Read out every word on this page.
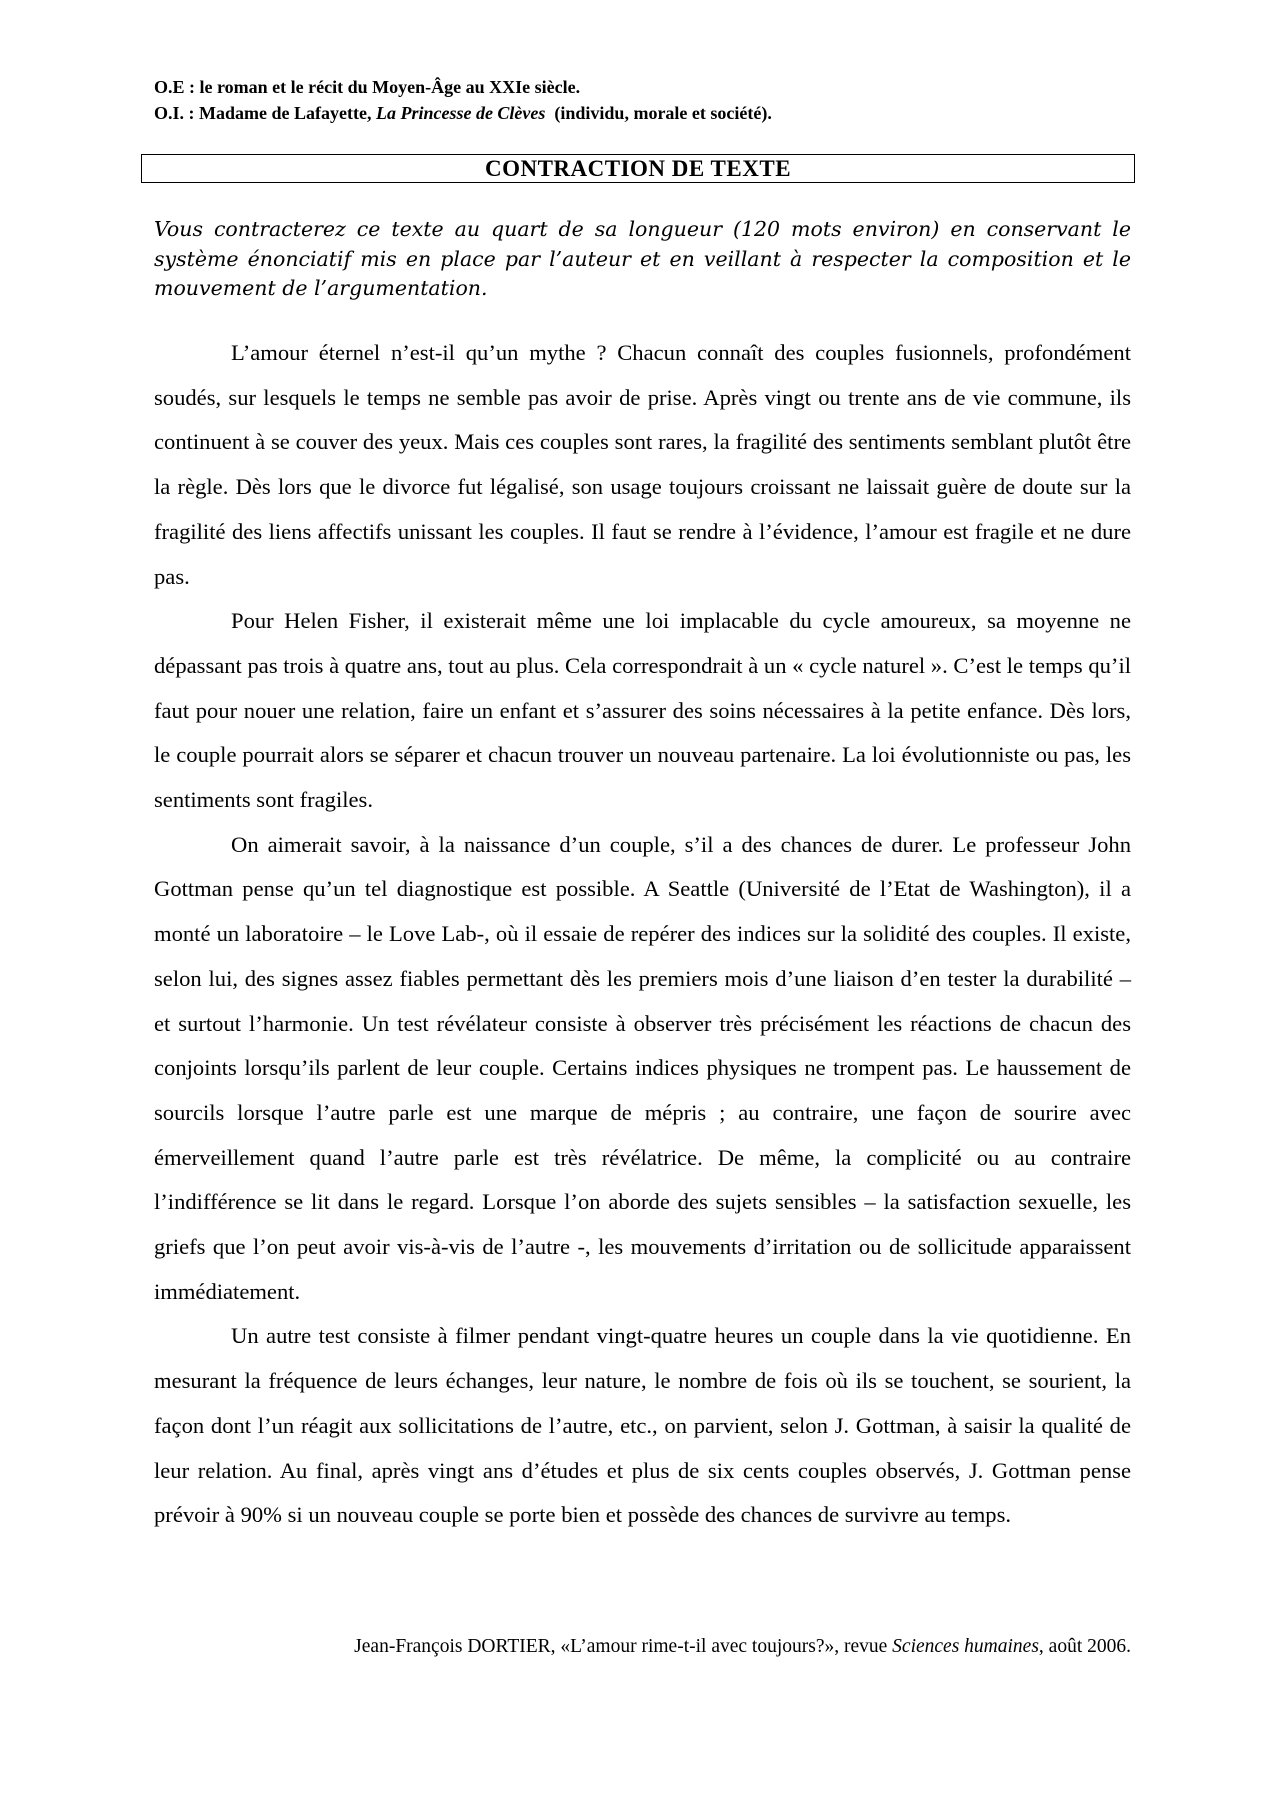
O.E : le roman et le récit du Moyen-Âge au XXIe siècle.
O.I. : Madame de Lafayette, La Princesse de Clèves  (individu, morale et société).
CONTRACTION DE TEXTE
Vous contracterez ce texte au quart de sa longueur (120 mots environ) en conservant le système énonciatif mis en place par l’auteur et en veillant à respecter la composition et le mouvement de l’argumentation.

L’amour éternel n’est-il qu’un mythe ? Chacun connaît des couples fusionnels, profondément soudés, sur lesquels le temps ne semble pas avoir de prise. Après vingt ou trente ans de vie commune, ils continuent à se couver des yeux. Mais ces couples sont rares, la fragilité des sentiments semblant plutôt être la règle. Dès lors que le divorce fut légalisé, son usage toujours croissant ne laissait guère de doute sur la fragilité des liens affectifs unissant les couples. Il faut se rendre à l’évidence, l’amour est fragile et ne dure pas.

Pour Helen Fisher, il existerait même une loi implacable du cycle amoureux, sa moyenne ne dépassant pas trois à quatre ans, tout au plus. Cela correspondrait à un « cycle naturel ». C’est le temps qu’il faut pour nouer une relation, faire un enfant et s’assurer des soins nécessaires à la petite enfance. Dès lors, le couple pourrait alors se séparer et chacun trouver un nouveau partenaire. La loi évolutionniste ou pas, les sentiments sont fragiles.

On aimerait savoir, à la naissance d’un couple, s’il a des chances de durer. Le professeur John Gottman pense qu’un tel diagnostique est possible. A Seattle (Université de l’Etat de Washington), il a monté un laboratoire – le Love Lab-, où il essaie de repérer des indices sur la solidité des couples. Il existe, selon lui, des signes assez fiables permettant dès les premiers mois d’une liaison d’en tester la durabilité – et surtout l’harmonie. Un test révélateur consiste à observer très précisément les réactions de chacun des conjoints lorsqu’ils parlent de leur couple. Certains indices physiques ne trompent pas. Le haussement de sourcils lorsque l’autre parle est une marque de mépris ; au contraire, une façon de sourire avec émerveillement quand l’autre parle est très révélatrice. De même, la complicité ou au contraire l’indifférence se lit dans le regard. Lorsque l’on aborde des sujets sensibles – la satisfaction sexuelle, les griefs que l’on peut avoir vis-à-vis de l’autre -, les mouvements d’irritation ou de sollicitude apparaissent immédiatement.

Un autre test consiste à filmer pendant vingt-quatre heures un couple dans la vie quotidienne. En mesurant la fréquence de leurs échanges, leur nature, le nombre de fois où ils se touchent, se sourient, la façon dont l’un réagit aux sollicitations de l’autre, etc., on parvient, selon J. Gottman, à saisir la qualité de leur relation. Au final, après vingt ans d’études et plus de six cents couples observés, J. Gottman pense prévoir à 90% si un nouveau couple se porte bien et possède des chances de survivre au temps.

Jean-François DORTIER, «L’amour rime-t-il avec toujours?», revue Sciences humaines, août 2006.
